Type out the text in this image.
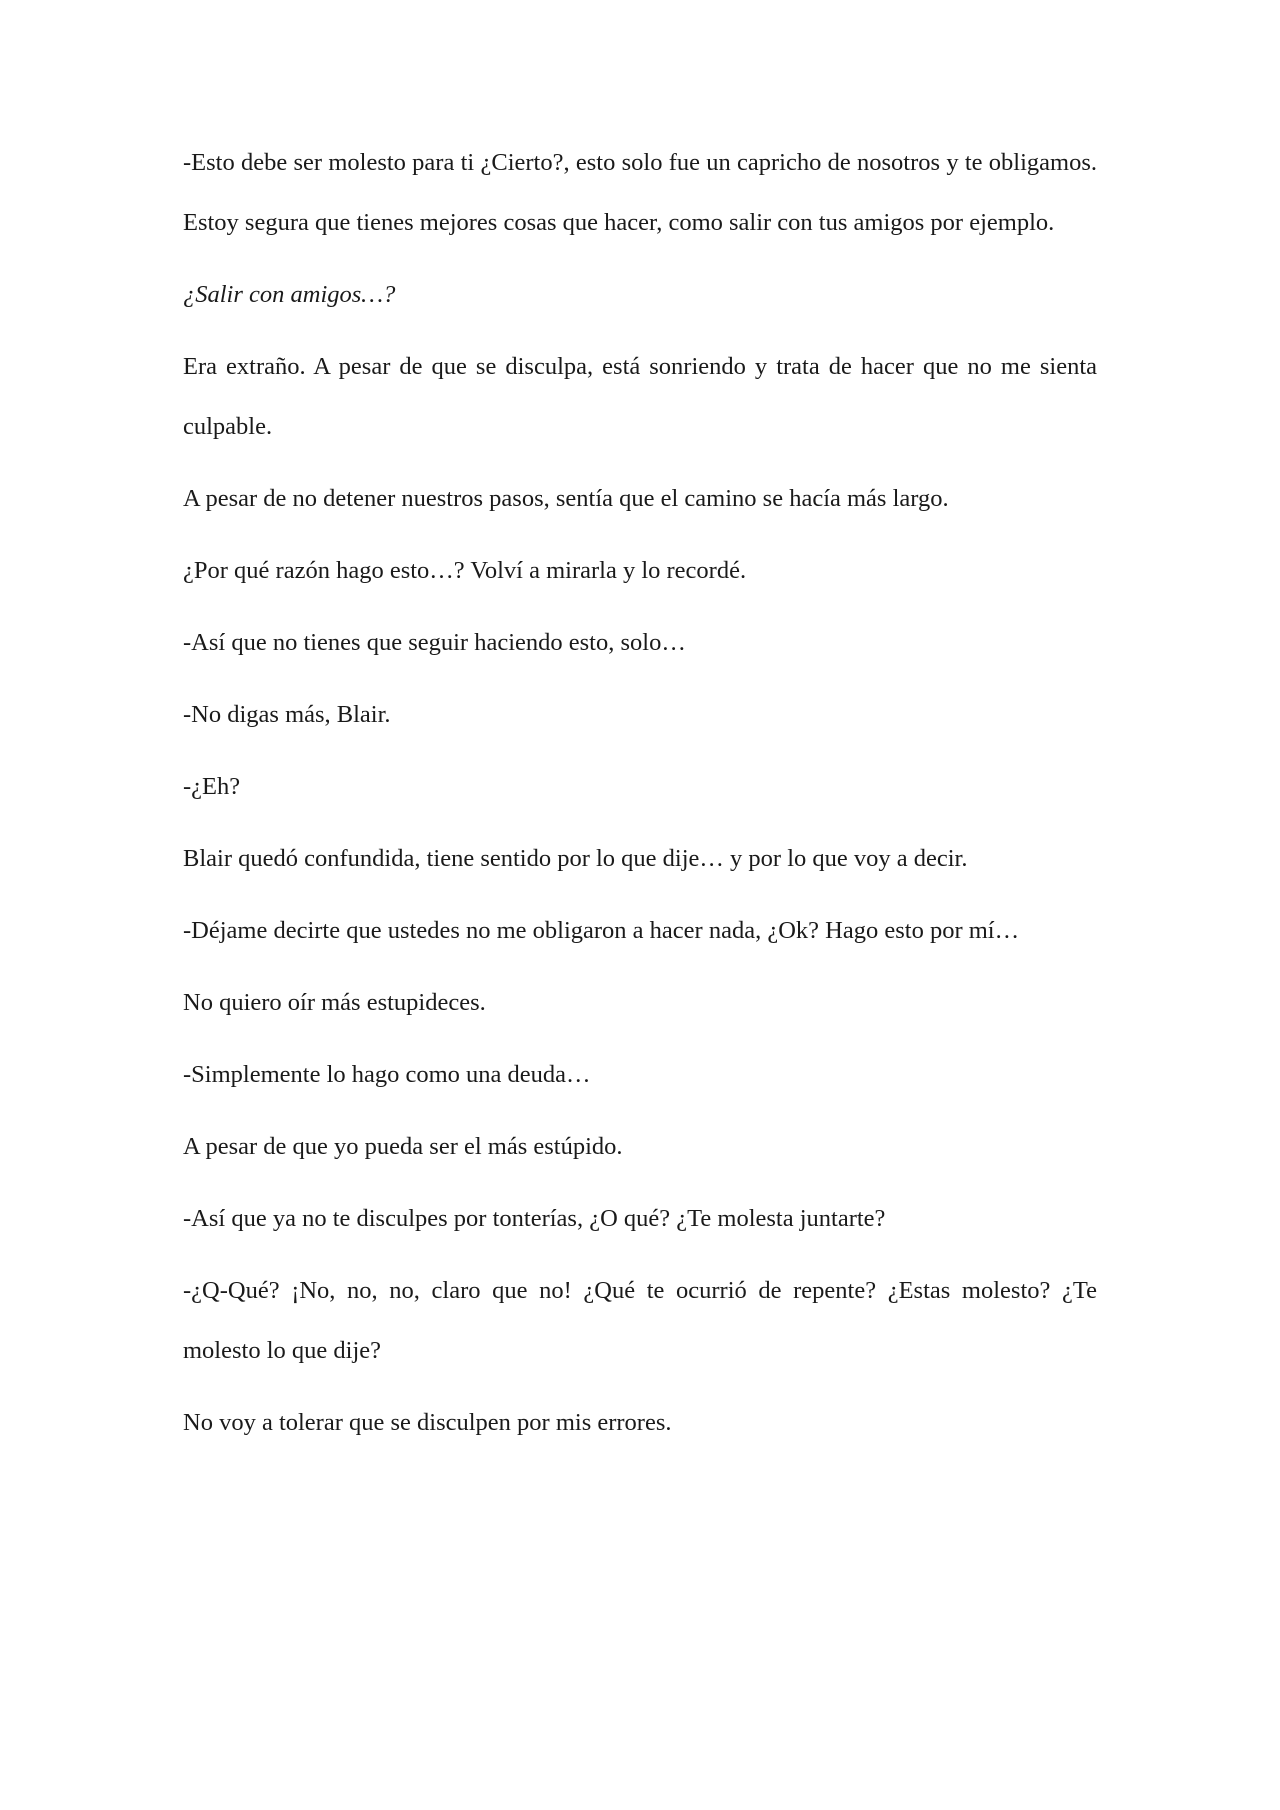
-Esto debe ser molesto para ti ¿Cierto?, esto solo fue un capricho de nosotros y te obligamos. Estoy segura que tienes mejores cosas que hacer, como salir con tus amigos por ejemplo.

¿Salir con amigos…?

Era extraño. A pesar de que se disculpa, está sonriendo y trata de hacer que no me sienta culpable.

A pesar de no detener nuestros pasos, sentía que el camino se hacía más largo.

¿Por qué razón hago esto…? Volví a mirarla y lo recordé.

-Así que no tienes que seguir haciendo esto, solo…

-No digas más, Blair.

-¿Eh?

Blair quedó confundida, tiene sentido por lo que dije… y por lo que voy a decir.

-Déjame decirte que ustedes no me obligaron a hacer nada, ¿Ok? Hago esto por mí…

No quiero oír más estupideces.

-Simplemente lo hago como una deuda…

A pesar de que yo pueda ser el más estúpido.

-Así que ya no te disculpes por tonterías, ¿O qué? ¿Te molesta juntarte?

-¿Q-Qué? ¡No, no, no, claro que no! ¿Qué te ocurrió de repente? ¿Estas molesto? ¿Te molesto lo que dije?

No voy a tolerar que se disculpen por mis errores.
